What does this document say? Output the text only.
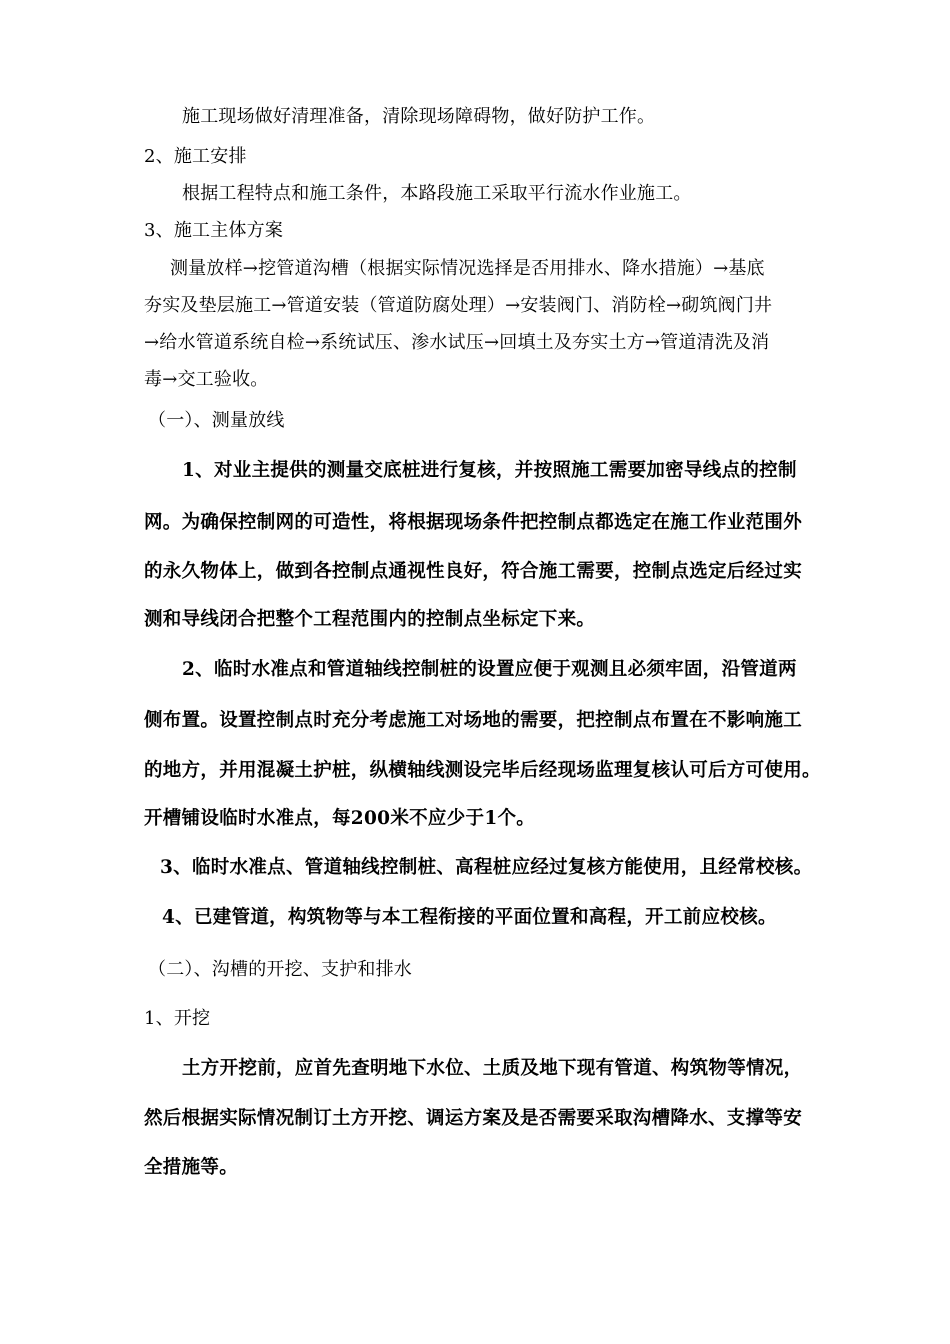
施工现场做好清理准备，清除现场障碍物，做好防护工作。
2、施工安排
根据工程特点和施工条件，本路段施工采取平行流水作业施工。
3、施工主体方案
测量放样→挖管道沟槽（根据实际情况选择是否用排水、降水措施）→基底
夯实及垫层施工→管道安装（管道防腐处理）→安装阀门、消防栓→砌筑阀门井
→给水管道系统自检→系统试压、渗水试压→回填土及夯实土方→管道清洗及消
毒→交工验收。
（一）、测量放线
1、对业主提供的测量交底桩进行复核，并按照施工需要加密导线点的控制
网。为确保控制网的可造性，将根据现场条件把控制点都选定在施工作业范围外
的永久物体上，做到各控制点通视性良好，符合施工需要，控制点选定后经过实
测和导线闭合把整个工程范围内的控制点坐标定下来。
2、临时水准点和管道轴线控制桩的设置应便于观测且必须牢固，沿管道两
侧布置。设置控制点时充分考虑施工对场地的需要，把控制点布置在不影响施工
的地方，并用混凝土护桩，纵横轴线测设完毕后经现场监理复核认可后方可使用。
开槽铺设临时水准点，每200米不应少于1个。
3、临时水准点、管道轴线控制桩、高程桩应经过复核方能使用，且经常校核。
4、已建管道，构筑物等与本工程衔接的平面位置和高程，开工前应校核。
（二）、沟槽的开挖、支护和排水
1、开挖
土方开挖前，应首先查明地下水位、土质及地下现有管道、构筑物等情况，
然后根据实际情况制订土方开挖、调运方案及是否需要采取沟槽降水、支撑等安
全措施等。
